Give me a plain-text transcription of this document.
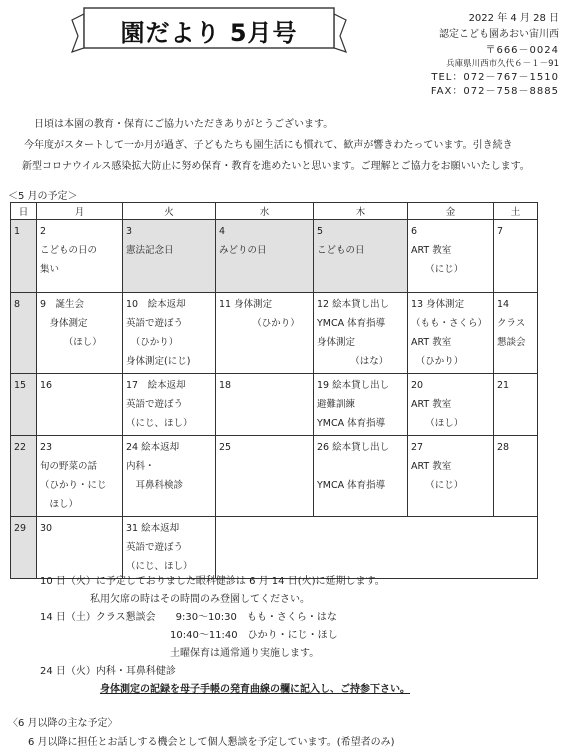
園だより 5月号
2022 年 4 月 28 日
認定こども園あおい宙川西
〒666－0024
兵庫県川西市久代６－１－91
TEL：072－767－1510
FAX：072－758－8885

日頃は本園の教育・保育にご協力いただきありがとうございます。

今年度がスタートして一か月が過ぎ、子どもたちも園生活にも慣れて、歓声が響きわたっています。引き続き

新型コロナウイルス感染拡大防止に努め保育・教育を進めたいと思います。ご理解とご協力をお願いいたします。

＜5 月の予定＞
日	月	火	水	木	金	土

1	2
こどもの日の
集い	3
憲法記念日	4
みどりの日	5
こどもの日	6
ART 教室
　　（にじ）	7

8	9　誕生会
　身体測定
　　　（ほし）	10　絵本返却
英語で遊ぼう
　（ひかり）
身体測定(にじ)	11 身体測定
　　　　（ひかり）	12 絵本貸し出し
YMCA 体育指導
身体測定
　　　　（はな）	13 身体測定
（もも・さくら）
ART 教室
　（ひかり）	14
クラス
懇談会

15	16	17　絵本返却
英語で遊ぼう
（にじ、ほし）	18	19 絵本貸し出し
避難訓練
YMCA 体育指導	20
ART 教室
　　（ほし）	21

22	23
旬の野菜の話
（ひかり・にじ
　ほし）	24 絵本返却
内科・
　耳鼻科検診	25	26 絵本貸し出し

YMCA 体育指導	27
ART 教室
　　（にじ）	28

29	30	31 絵本返却
英語で遊ぼう
（にじ、ほし）				

10 日（火）に予定しておりました眼科健診は 6 月 14 日(火)に延期します。
　　　　　私用欠席の時はその時間のみ登園してください。
14 日（土）クラス懇談会　　9:30～10:30　もも・さくら・はな
　　　　　　　　　　　　　10:40～11:40　ひかり・にじ・ほし
　　　　　　　　　　　　　土曜保育は通常通り実施します。
24 日（火）内科・耳鼻科健診
身体測定の記録を母子手帳の発育曲線の欄に記入し、ご持参下さい。
〈6 月以降の主な予定〉
　　6 月以降に担任とお話しする機会として個人懇談を予定しています。(希望者のみ)
